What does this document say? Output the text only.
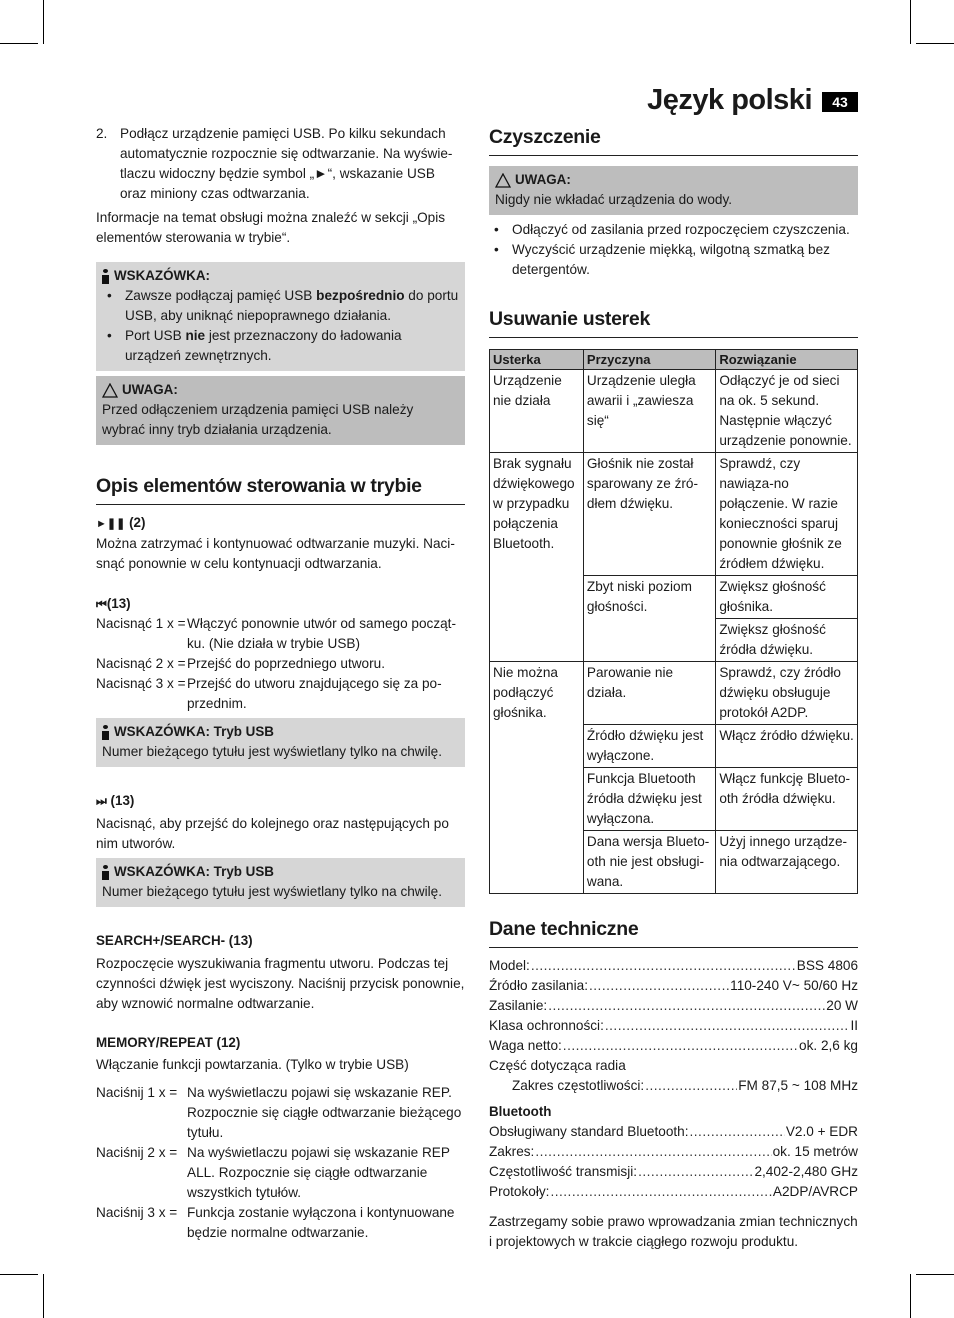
Język polski	43
2. Podłącz urządzenie pamięci USB. Po kilku sekundach automatycznie rozpocznie się odtwarzanie. Na wyświe-tlaczu widoczny będzie symbol „►“, wskazanie USB oraz miniony czas odtwarzania.

Informacje na temat obsługi można znaleźć w sekcji „Opis elementów sterowania w trybie“.

WSKAZÓWKA:
• Zawsze podłączaj pamięć USB bezpośrednio do portu USB, aby uniknąć niepoprawnego działania.
• Port USB nie jest przeznaczony do ładowania urządzeń zewnętrznych.
UWAGA:

Przed odłączeniem urządzenia pamięci USB należy wybrać inny tryb działania urządzenia.

Opis elementów sterowania w trybie
►❚❚ (2)

Można zatrzymać i kontynuować odtwarzanie muzyki. Naci-snąć ponownie w celu kontynuacji odtwarzania.

⏮(13)
Nacisnąć 1 x = Włączyć ponownie utwór od samego począt-ku. (Nie działa w trybie USB)
Nacisnąć 2 x = Przejść do poprzedniego utworu.
Nacisnąć 3 x = Przejść do utworu znajdującego się za po-przednim.
WSKAZÓWKA: Tryb USB

Numer bieżącego tytułu jest wyświetlany tylko na chwilę.

⏭ (13)

Nacisnąć, aby przejść do kolejnego oraz następujących po nim utworów.

WSKAZÓWKA: Tryb USB

Numer bieżącego tytułu jest wyświetlany tylko na chwilę.

SEARCH+/SEARCH- (13)

Rozpoczęcie wyszukiwania fragmentu utworu. Podczas tej czynności dźwięk jest wyciszony. Naciśnij przycisk ponownie, aby wznowić normalne odtwarzanie.

MEMORY/REPEAT (12)

Włączanie funkcji powtarzania. (Tylko w trybie USB)

Naciśnij 1 x = Na wyświetlaczu pojawi się wskazanie REP. Rozpocznie się ciągłe odtwarzanie bieżącego tytułu.
Naciśnij 2 x = Na wyświetlaczu pojawi się wskazanie REP ALL. Rozpocznie się ciągłe odtwarzanie wszystkich tytułów.
Naciśnij 3 x = Funkcja zostanie wyłączona i kontynuowane będzie normalne odtwarzanie.
Czyszczenie
UWAGA:

Nigdy nie wkładać urządzenia do wody.

• Odłączyć od zasilania przed rozpoczęciem czyszczenia.
• Wyczyścić urządzenie miękką, wilgotną szmatką bez detergentów.
Usuwanie usterek
Usterka	Przyczyna	Rozwiązanie
Urządzenie nie działa	Urządzenie uległa awarii i „zawiesza się“	Odłączyć je od sieci na ok. 5 sekund. Następnie włączyć urządzenie ponownie.
Brak sygnału dźwiękowego w przypadku połączenia Bluetooth.	Głośnik nie został sparowany ze źró-dłem dźwięku.	Sprawdź, czy nawiąza-no połączenie. W razie konieczności sparuj ponownie głośnik ze źródłem dźwięku.
	Zbyt niski poziom głośności.	Zwiększ głośność głośnika.
		Zwiększ głośność źródła dźwięku.
Nie można podłączyć głośnika.	Parowanie nie działa.	Sprawdź, czy źródło dźwięku obsługuje protokół A2DP.
	Źródło dźwięku jest wyłączone.	Włącz źródło dźwięku.
	Funkcja Bluetooth źródła dźwięku jest wyłączona.	Włącz funkcję Blueto-oth źródła dźwięku.
	Dana wersja Blueto-oth nie jest obsługi-wana.	Użyj innego urządze-nia odtwarzającego.
Dane techniczne
Model: .....	BSS 4806
Źródło zasilania: .....	110-240 V~ 50/60 Hz
Zasilanie: .....	20 W
Klasa ochronności: .....	II
Waga netto: .....	ok. 2,6 kg
Część dotycząca radia
Zakres częstotliwości: .....	FM 87,5 ~ 108 MHz
Bluetooth
Obsługiwany standard Bluetooth: .....	V2.0 + EDR
Zakres: .....	ok. 15 metrów
Częstotliwość transmisji: .....	2,402-2,480 GHz
Protokoły: .....	A2DP/AVRCP

Zastrzegamy sobie prawo wprowadzania zmian technicznych i projektowych w trakcie ciągłego rozwoju produktu.
